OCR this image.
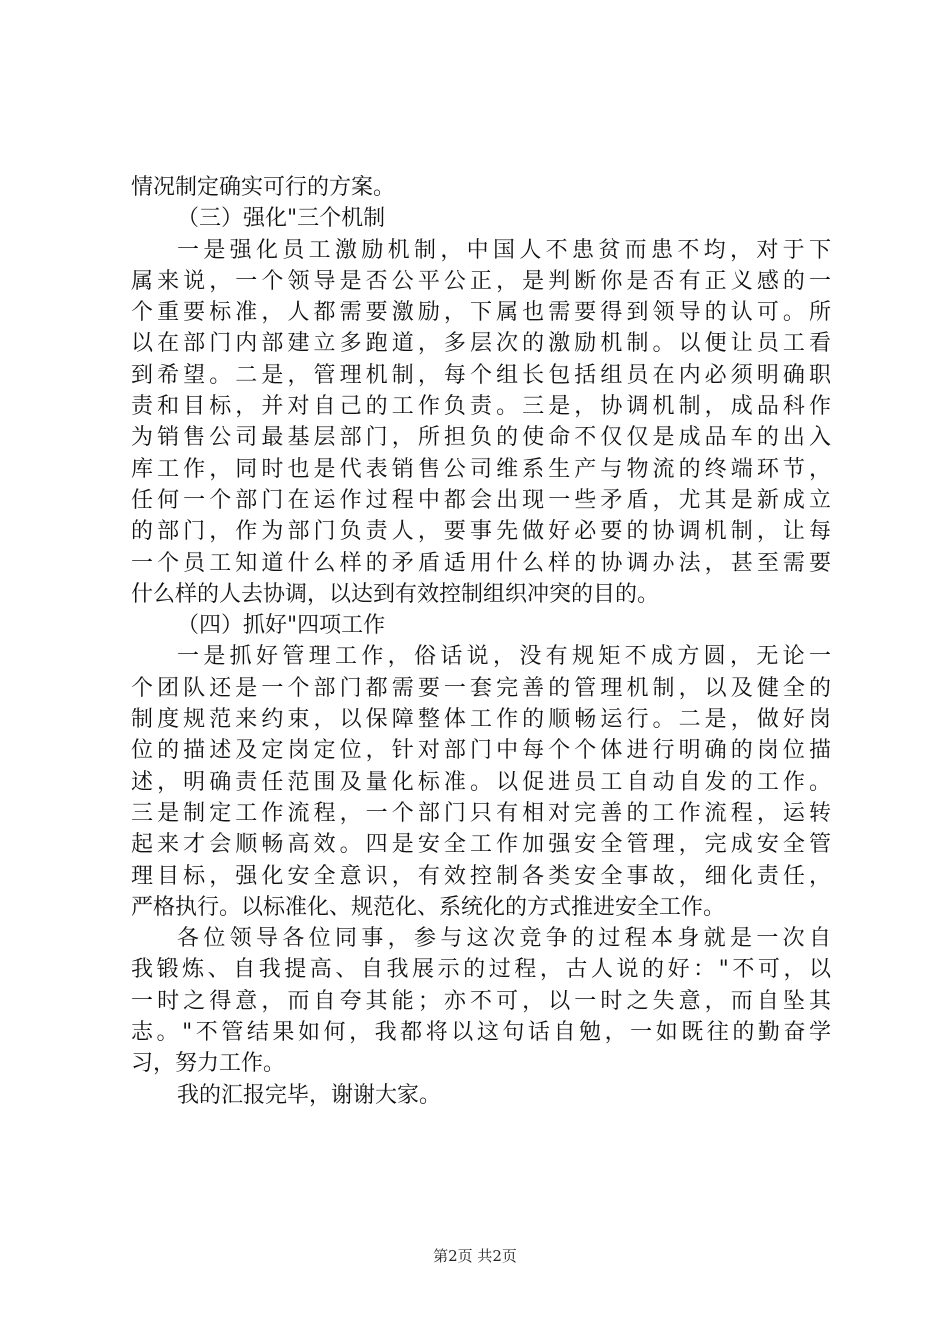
情况制定确实可行的方案。
（三）强化"三个机制
一是强化员工激励机制，中国人不患贫而患不均，对于下
属来说，一个领导是否公平公正，是判断你是否有正义感的一
个重要标准，人都需要激励，下属也需要得到领导的认可。所
以在部门内部建立多跑道，多层次的激励机制。以便让员工看
到希望。二是，管理机制，每个组长包括组员在内必须明确职
责和目标，并对自己的工作负责。三是，协调机制，成品科作
为销售公司最基层部门，所担负的使命不仅仅是成品车的出入
库工作，同时也是代表销售公司维系生产与物流的终端环节，
任何一个部门在运作过程中都会出现一些矛盾，尤其是新成立
的部门，作为部门负责人，要事先做好必要的协调机制，让每
一个员工知道什么样的矛盾适用什么样的协调办法，甚至需要
什么样的人去协调，以达到有效控制组织冲突的目的。
（四）抓好"四项工作
一是抓好管理工作，俗话说，没有规矩不成方圆，无论一
个团队还是一个部门都需要一套完善的管理机制，以及健全的
制度规范来约束，以保障整体工作的顺畅运行。二是，做好岗
位的描述及定岗定位，针对部门中每个个体进行明确的岗位描
述，明确责任范围及量化标准。以促进员工自动自发的工作。
三是制定工作流程，一个部门只有相对完善的工作流程，运转
起来才会顺畅高效。四是安全工作加强安全管理，完成安全管
理目标，强化安全意识，有效控制各类安全事故，细化责任，
严格执行。以标准化、规范化、系统化的方式推进安全工作。
各位领导各位同事，参与这次竞争的过程本身就是一次自
我锻炼、自我提高、自我展示的过程，古人说的好："不可，以
一时之得意，而自夸其能；亦不可，以一时之失意，而自坠其
志。"不管结果如何，我都将以这句话自勉，一如既往的勤奋学
习，努力工作。
我的汇报完毕，谢谢大家。
第2页 共2页
